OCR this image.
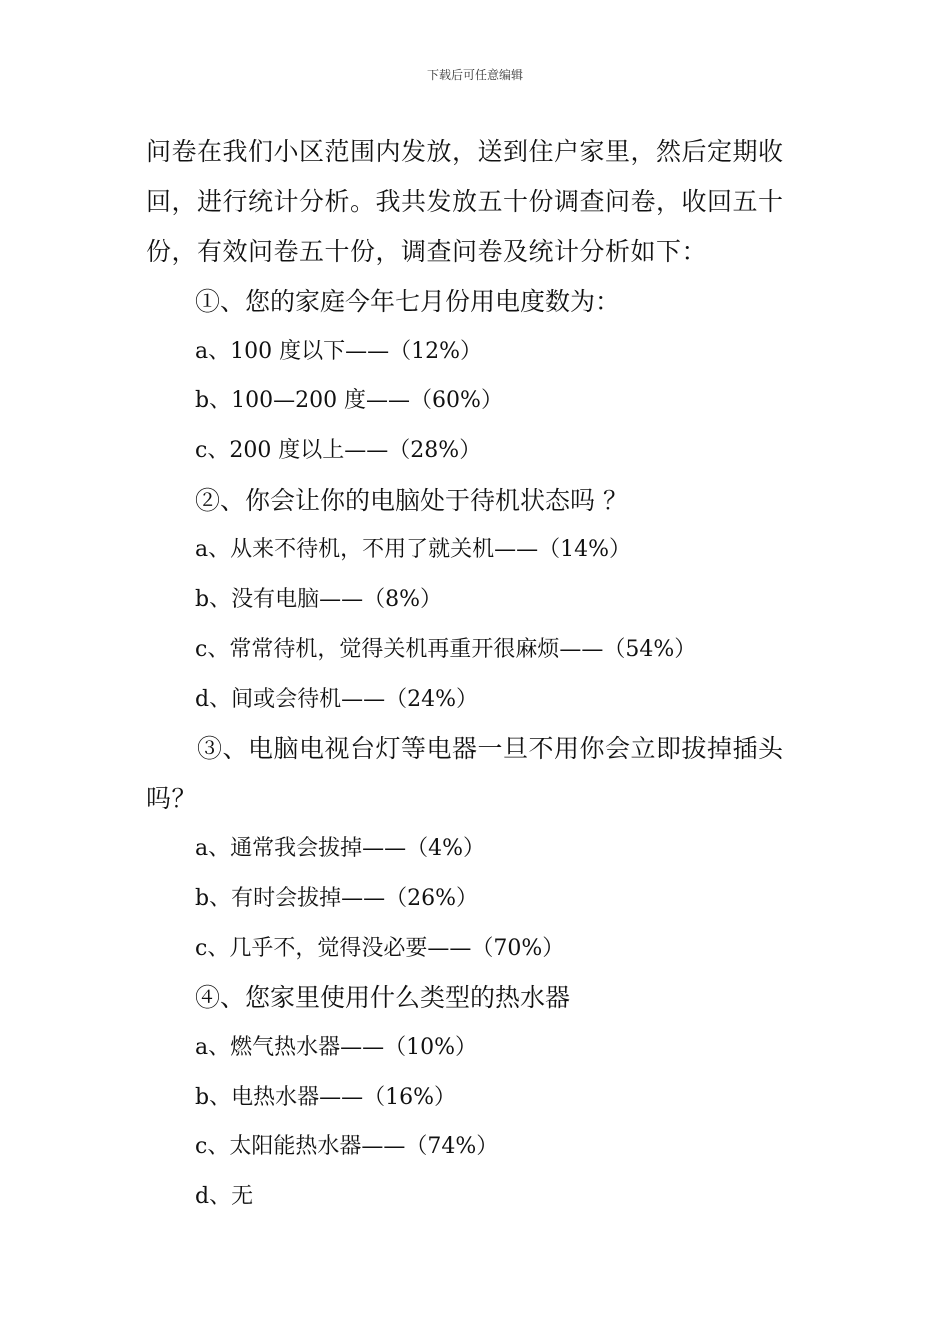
下载后可任意编辑

问卷在我们小区范围内发放，送到住户家里，然后定期收回，进行统计分析。我共发放五十份调查问卷，收回五十份，有效问卷五十份，调查问卷及统计分析如下：

①、您的家庭今年七月份用电度数为：
a、100 度以下——（12%）
b、100—200 度——（60%）
c、200 度以上——（28%）
②、你会让你的电脑处于待机状态吗 ？
a、从来不待机，不用了就关机——（14%）
b、没有电脑——（8%）
c、常常待机，觉得关机再重开很麻烦——（54%）
d、间或会待机——（24%）

③、电脑电视台灯等电器一旦不用你会立即拔掉插头吗？

a、通常我会拔掉——（4%）
b、有时会拔掉——（26%）
c、几乎不，觉得没必要——（70%）
④、您家里使用什么类型的热水器
a、燃气热水器——（10%）
b、电热水器——（16%）
c、太阳能热水器——（74%）
d、无
